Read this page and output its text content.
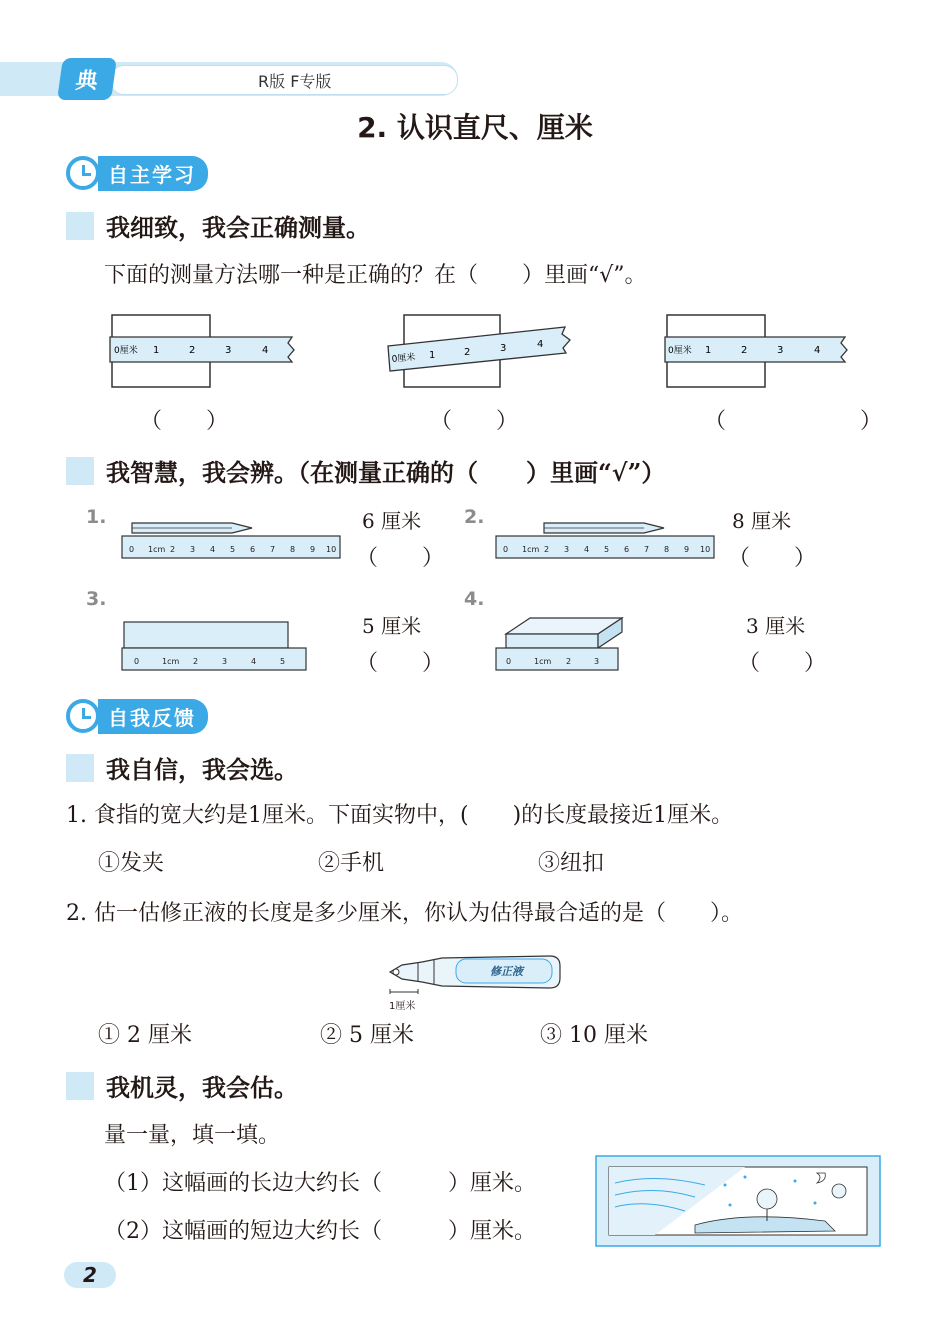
典	R版 F专版
2. 认识直尺、厘米
自主学习
我细致，我会正确测量。
下面的测量方法哪一种是正确的？在（　　）里画“√”。
0厘米 1	2	3	4
0厘米 1	2	3	4
0厘米 1	2	3	4
（　　）	（　　）	（　　）
我智慧，我会辨。（在测量正确的（　　）里画“√”）
1.	2.
3.	4.
0 1cm 2 3 4 5 6 7 8 9 10	0 1cm 2 3 4 5 6 7 8 9 10
0	1cm 2	3	4	5	0	1cm 2	3
6 厘米
（　　）
8 厘米
（　　）
5 厘米
（　　）
3 厘米
（　　）
自我反馈
我自信，我会选。
1. 食指的宽大约是1厘米。下面实物中，(　　)的长度最接近1厘米。
①发夹	②手机	③纽扣
2. 估一估修正液的长度是多少厘米，你认为估得最合适的是（　　）。
修正液
1厘米
① 2 厘米	② 5 厘米	③ 10 厘米
我机灵，我会估。
量一量，填一填。
（1）这幅画的长边大约长（　　　）厘米。
（2）这幅画的短边大约长（　　　）厘米。
2
